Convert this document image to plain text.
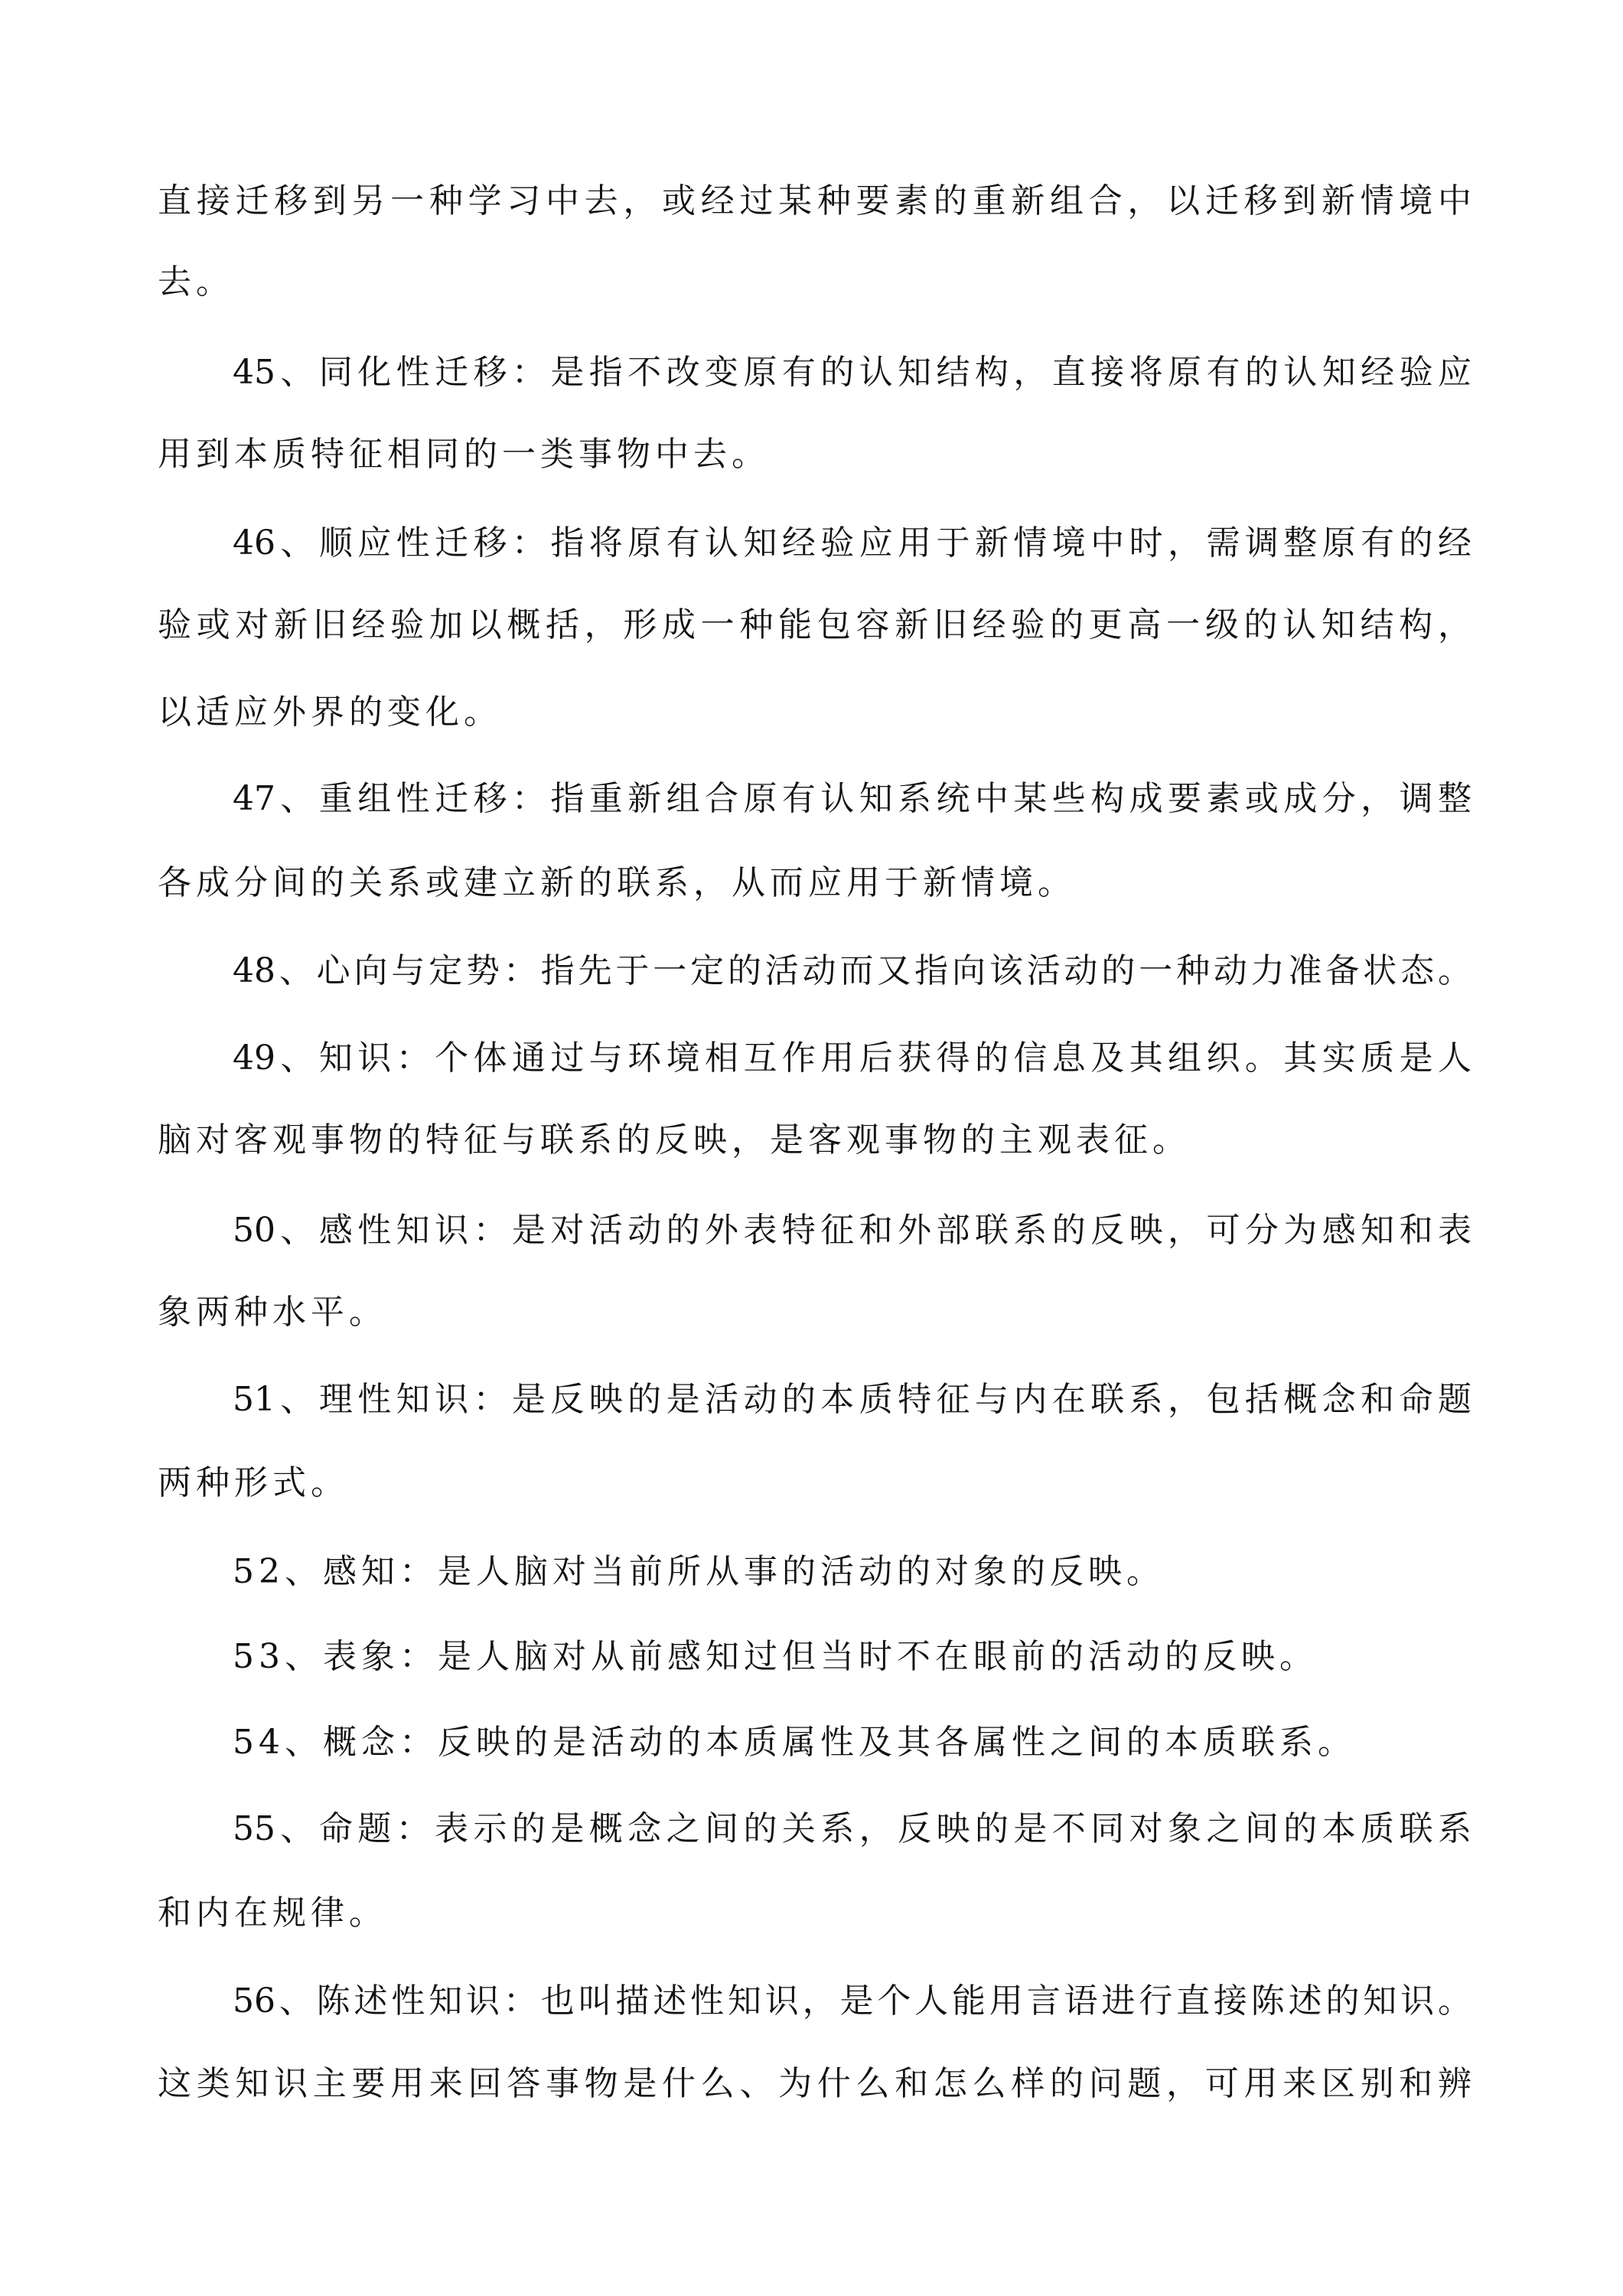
直接迁移到另一种学习中去，或经过某种要素的重新组合，以迁移到新情境中
去。
45、同化性迁移：是指不改变原有的认知结构，直接将原有的认知经验应
用到本质特征相同的一类事物中去。
46、顺应性迁移：指将原有认知经验应用于新情境中时，需调整原有的经
验或对新旧经验加以概括，形成一种能包容新旧经验的更高一级的认知结构，
以适应外界的变化。
47、重组性迁移：指重新组合原有认知系统中某些构成要素或成分，调整
各成分间的关系或建立新的联系，从而应用于新情境。
48、心向与定势：指先于一定的活动而又指向该活动的一种动力准备状态。
49、知识：个体通过与环境相互作用后获得的信息及其组织。其实质是人
脑对客观事物的特征与联系的反映，是客观事物的主观表征。
50、感性知识：是对活动的外表特征和外部联系的反映，可分为感知和表
象两种水平。
51、理性知识：是反映的是活动的本质特征与内在联系，包括概念和命题
两种形式。
52、感知：是人脑对当前所从事的活动的对象的反映。
53、表象：是人脑对从前感知过但当时不在眼前的活动的反映。
54、概念：反映的是活动的本质属性及其各属性之间的本质联系。
55、命题：表示的是概念之间的关系，反映的是不同对象之间的本质联系
和内在规律。
56、陈述性知识：也叫描述性知识，是个人能用言语进行直接陈述的知识。
这类知识主要用来回答事物是什么、为什么和怎么样的问题，可用来区别和辨
